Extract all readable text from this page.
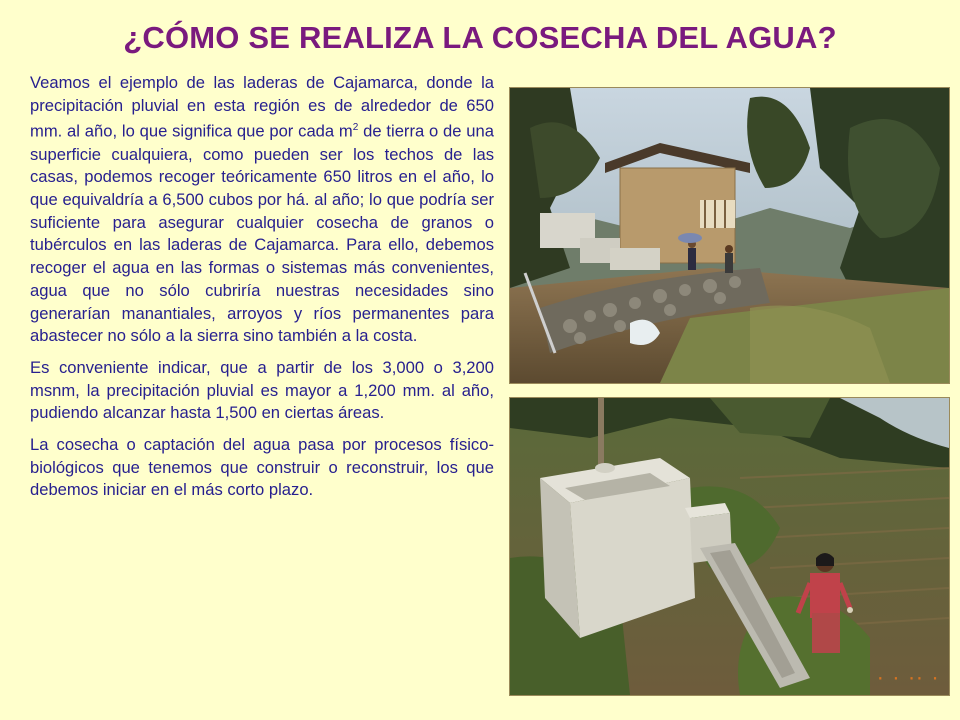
¿CÓMO SE REALIZA LA COSECHA DEL AGUA?

Veamos el ejemplo de las laderas de Cajamarca, donde la precipitación pluvial en esta región es de alrededor de 650 mm. al año, lo que significa que por cada $m^2$ de tierra o de una superficie cualquiera, como pueden ser los techos de las casas, podemos recoger teóricamente 650 litros en el año, lo que equivaldría a 6,500 cubos por há. al año; lo que podría ser suficiente para asegurar cualquier cosecha de granos o tubérculos en las laderas de Cajamarca. Para ello, debemos recoger el agua en las formas o sistemas más convenientes, agua que no sólo cubriría nuestras necesidades sino generarían manantiales, arroyos y ríos permanentes para abastecer no sólo a la sierra sino también a la costa.

Es conveniente indicar, que a partir de los 3,000 o 3,200 msnm, la precipitación pluvial es mayor a 1,200 mm. al año, pudiendo alcanzar hasta 1,500 en ciertas áreas.

La cosecha o captación del agua pasa por procesos físico-biológicos que tenemos que construir o reconstruir, los que debemos iniciar en el más corto plazo.

· · ·· ·
